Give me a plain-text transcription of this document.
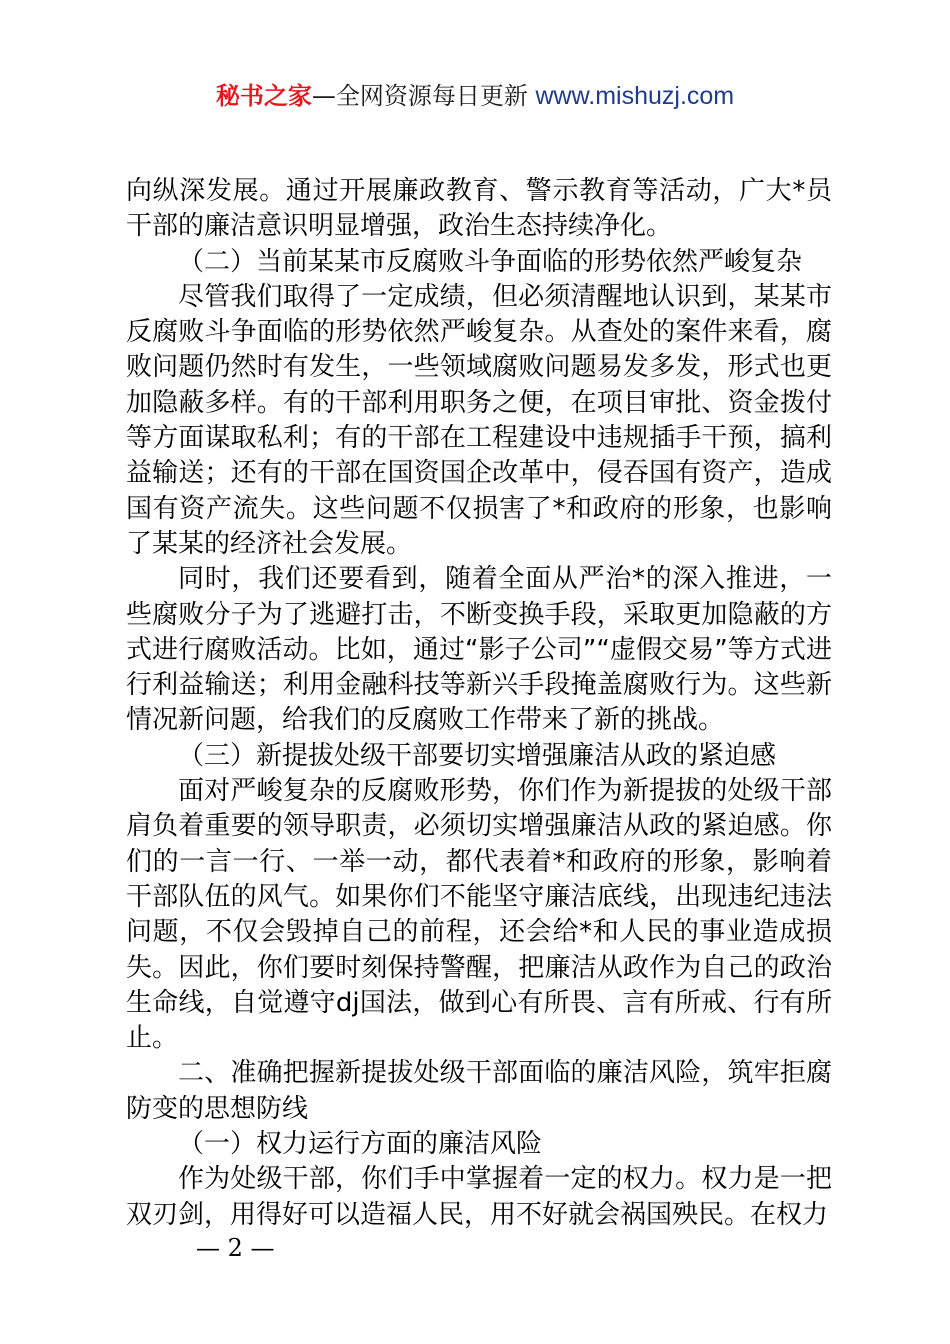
秘书之家—全网资源每日更新 www.mishuzj.com

向纵深发展。通过开展廉政教育、警示教育等活动，广大*员干部的廉洁意识明显增强，政治生态持续净化。

（二）当前某某市反腐败斗争面临的形势依然严峻复杂

尽管我们取得了一定成绩，但必须清醒地认识到，某某市反腐败斗争面临的形势依然严峻复杂。从查处的案件来看，腐败问题仍然时有发生，一些领域腐败问题易发多发，形式也更加隐蔽多样。有的干部利用职务之便，在项目审批、资金拨付等方面谋取私利；有的干部在工程建设中违规插手干预，搞利益输送；还有的干部在国资国企改革中，侵吞国有资产，造成国有资产流失。这些问题不仅损害了*和政府的形象，也影响了某某的经济社会发展。

同时，我们还要看到，随着全面从严治*的深入推进，一些腐败分子为了逃避打击，不断变换手段，采取更加隐蔽的方式进行腐败活动。比如，通过“影子公司”“虚假交易”等方式进行利益输送；利用金融科技等新兴手段掩盖腐败行为。这些新情况新问题，给我们的反腐败工作带来了新的挑战。

（三）新提拔处级干部要切实增强廉洁从政的紧迫感

面对严峻复杂的反腐败形势，你们作为新提拔的处级干部肩负着重要的领导职责，必须切实增强廉洁从政的紧迫感。你们的一言一行、一举一动，都代表着*和政府的形象，影响着干部队伍的风气。如果你们不能坚守廉洁底线，出现违纪违法问题，不仅会毁掉自己的前程，还会给*和人民的事业造成损失。因此，你们要时刻保持警醒，把廉洁从政作为自己的政治生命线，自觉遵守dj国法，做到心有所畏、言有所戒、行有所止。

二、准确把握新提拔处级干部面临的廉洁风险，筑牢拒腐防变的思想防线

（一）权力运行方面的廉洁风险

作为处级干部，你们手中掌握着一定的权力。权力是一把双刃剑，用得好可以造福人民，用不好就会祸国殃民。在权力

— 2 —
